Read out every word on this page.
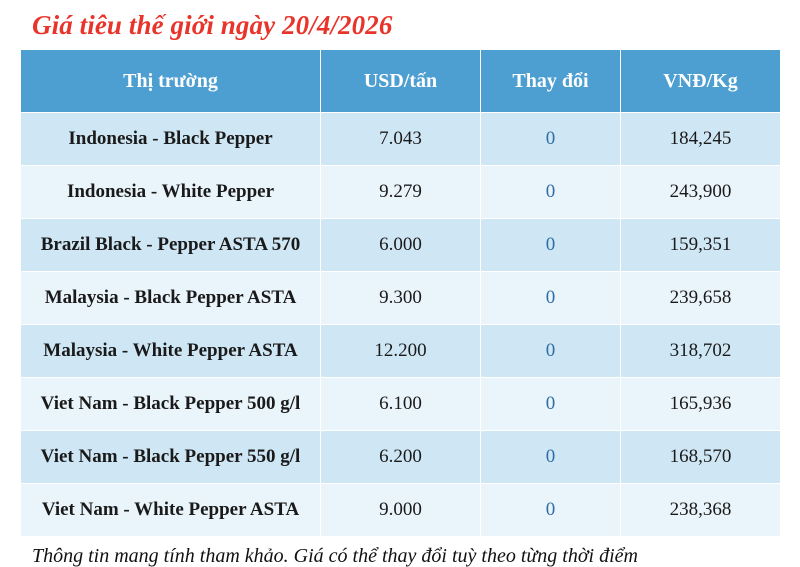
Giá tiêu thế giới ngày 20/4/2026
Thị trường	USD/tấn	Thay đổi	VNĐ/Kg
Indonesia - Black Pepper	7.043	0	184,245
Indonesia - White Pepper	9.279	0	243,900
Brazil Black - Pepper ASTA 570	6.000	0	159,351
Malaysia - Black Pepper ASTA	9.300	0	239,658
Malaysia - White Pepper ASTA	12.200	0	318,702
Viet Nam - Black Pepper 500 g/l	6.100	0	165,936
Viet Nam - Black Pepper 550 g/l	6.200	0	168,570
Viet Nam - White Pepper ASTA	9.000	0	238,368
Thông tin mang tính tham khảo. Giá có thể thay đổi tuỳ theo từng thời điểm
